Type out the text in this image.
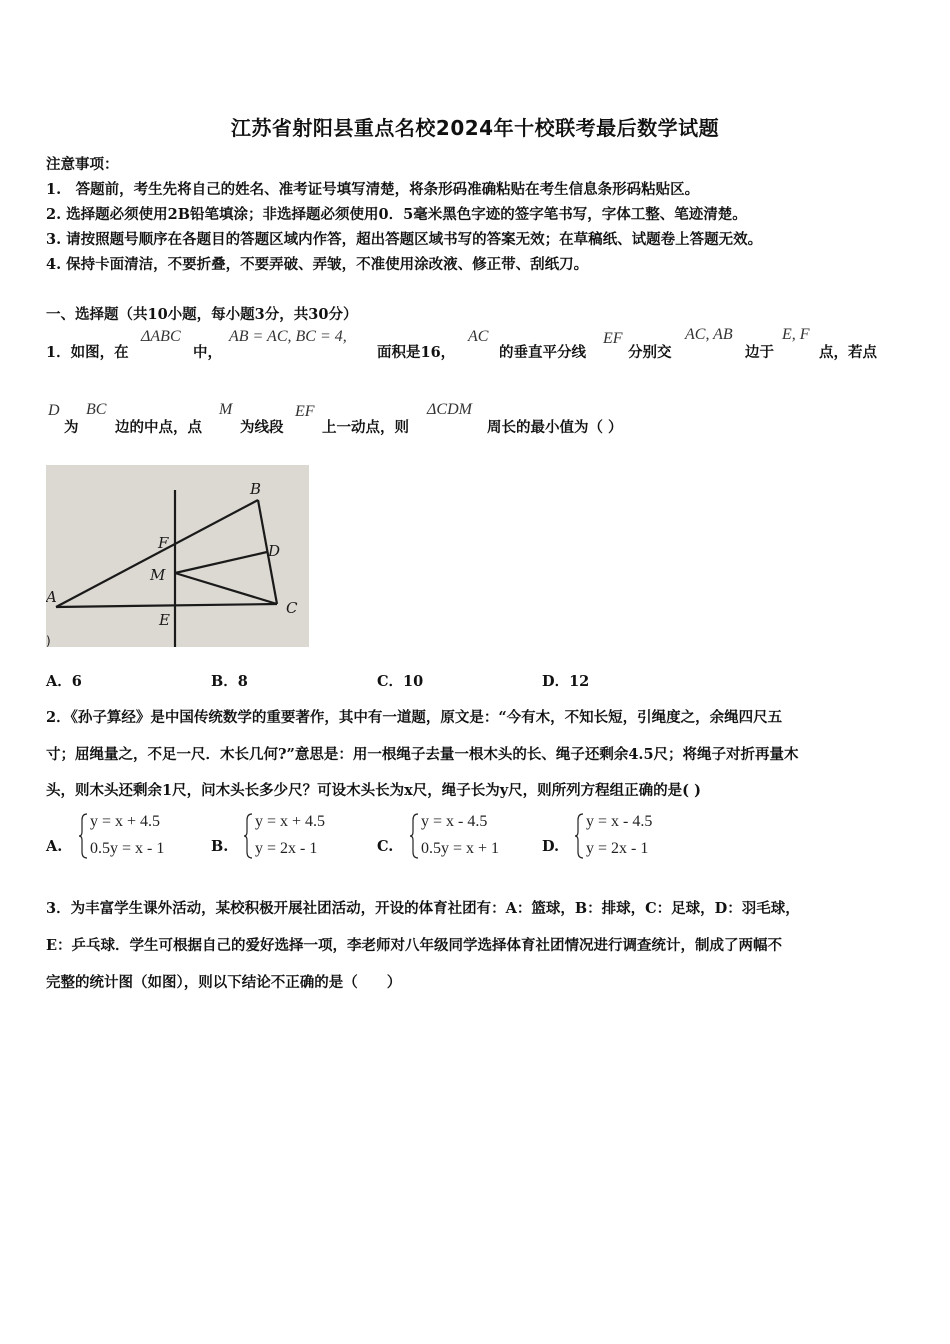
江苏省射阳县重点名校2024年十校联考最后数学试题
注意事项：
1.　答题前，考生先将自己的姓名、准考证号填写清楚，将条形码准确粘贴在考生信息条形码粘贴区。
2. 选择题必须使用2B铅笔填涂；非选择题必须使用0．5毫米黑色字迹的签字笔书写，字体工整、笔迹清楚。
3. 请按照题号顺序在各题目的答题区域内作答，超出答题区域书写的答案无效；在草稿纸、试题卷上答题无效。
4. 保持卡面清洁，不要折叠，不要弄破、弄皱，不准使用涂改液、修正带、刮纸刀。
一、选择题（共10小题，每小题3分，共30分）
1．如图，在
ΔABC
中，
AB = AC, BC = 4,
面积是16，
AC
的垂直平分线
EF
分别交
AC, AB
边于
E, F
点，若点
D
为
BC
边的中点，点
M
为线段
EF
上一动点，则
ΔCDM
周长的最小值为（ ）
A
B
C
D
E
F
M
)
A．6	B．8	C．10	D．12
2．《孙子算经》是中国传统数学的重要著作，其中有一道题，原文是：“今有木，不知长短，引绳度之，余绳四尺五
寸；屈绳量之，不足一尺．木长几何?”意思是：用一根绳子去量一根木头的长、绳子还剩余4.5尺；将绳子对折再量木
头，则木头还剩余1尺，问木头长多少尺？可设木头长为x尺，绳子长为y尺，则所列方程组正确的是( )
A.
y = x + 4.5
0.5y = x - 1	B.
y = x + 4.5
y = 2x - 1	C.
y = x - 4.5
0.5y = x + 1	D.
y = x - 4.5
y = 2x - 1
3．为丰富学生课外活动，某校积极开展社团活动，开设的体育社团有：A：篮球，B：排球，C：足球，D：羽毛球，
E：乒乓球．学生可根据自己的爱好选择一项，李老师对八年级同学选择体育社团情况进行调查统计，制成了两幅不
完整的统计图（如图），则以下结论不正确的是（　　）
